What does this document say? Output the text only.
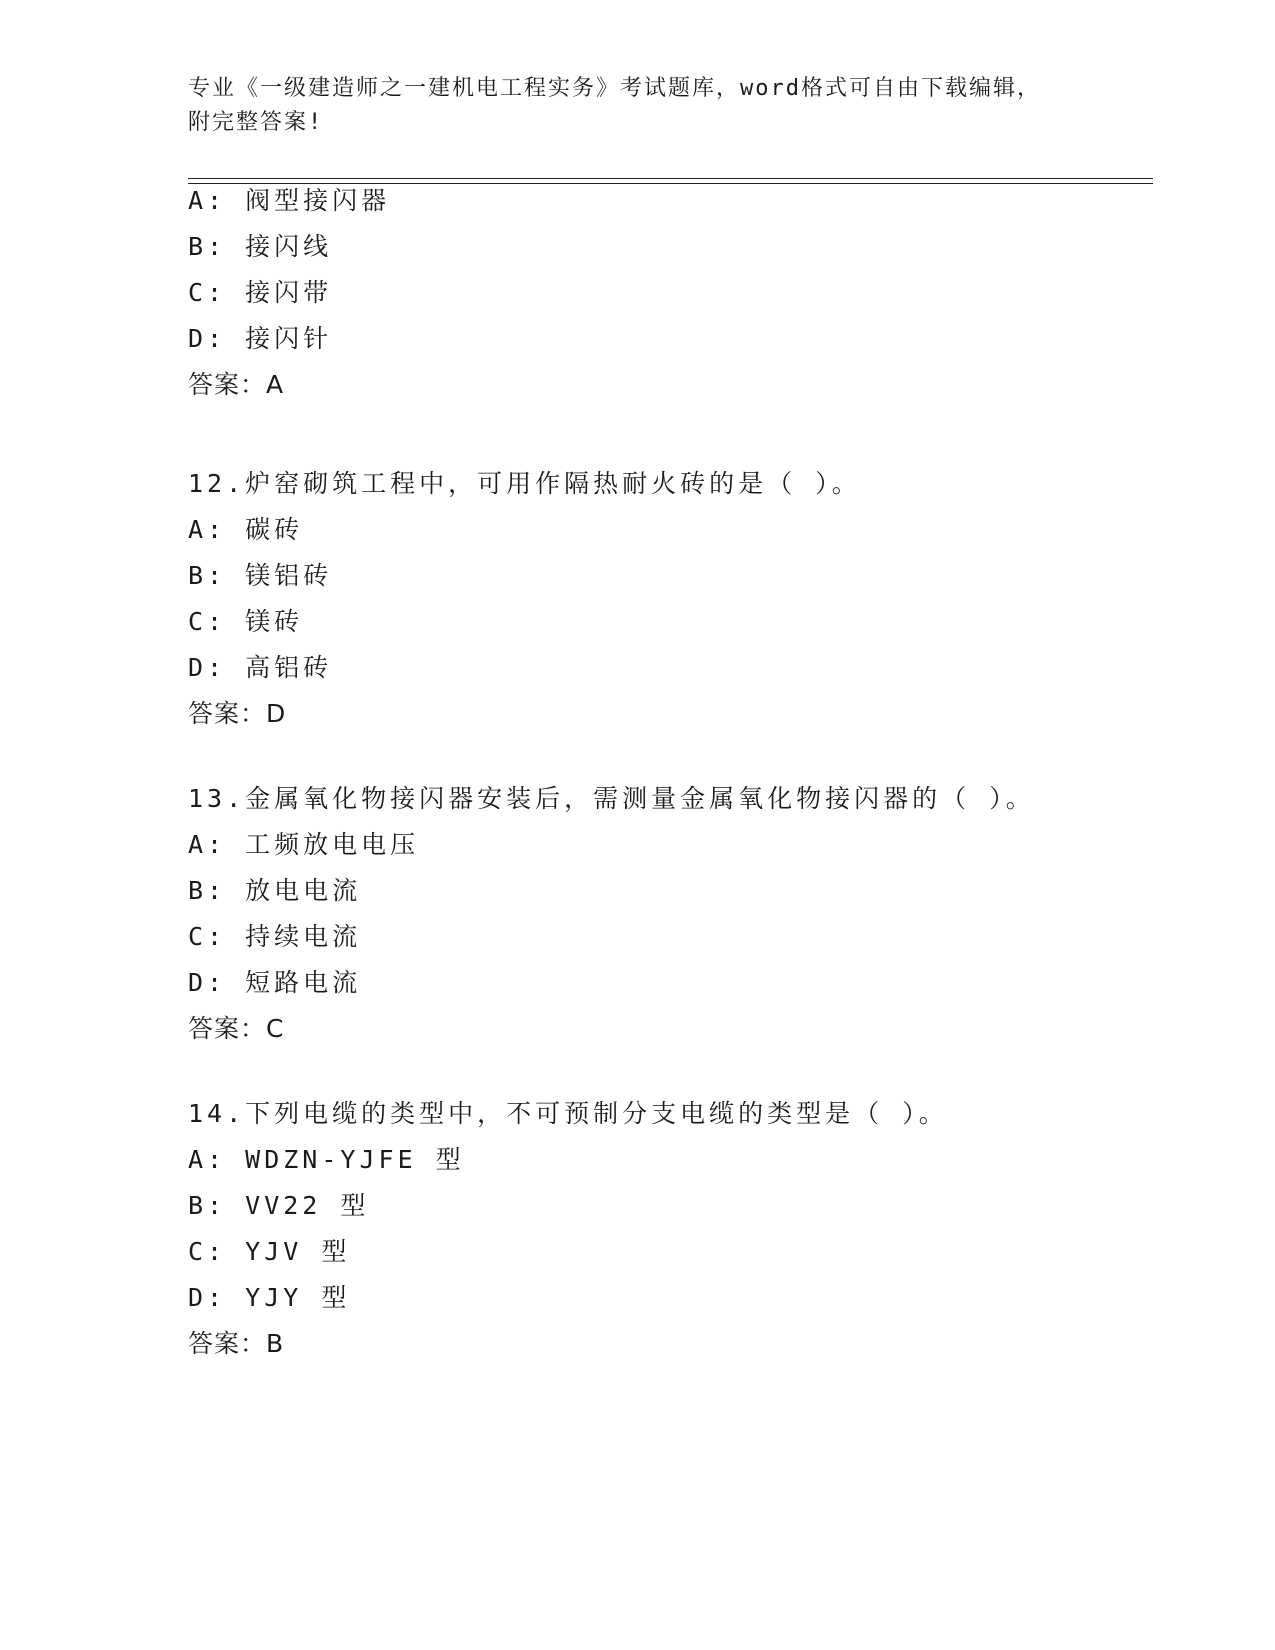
专业《一级建造师之一建机电工程实务》考试题库，word格式可自由下载编辑，
附完整答案!
A: 阀型接闪器
B: 接闪线
C: 接闪带
D: 接闪针
答案：A
12.炉窑砌筑工程中，可用作隔热耐火砖的是（ ）。
A: 碳砖
B: 镁铝砖
C: 镁砖
D: 高铝砖
答案：D
13.金属氧化物接闪器安装后，需测量金属氧化物接闪器的（ ）。
A: 工频放电电压
B: 放电电流
C: 持续电流
D: 短路电流
答案：C
14.下列电缆的类型中，不可预制分支电缆的类型是（ ）。
A: WDZN-YJFE 型
B: VV22 型
C: YJV 型
D: YJY 型
答案：B
